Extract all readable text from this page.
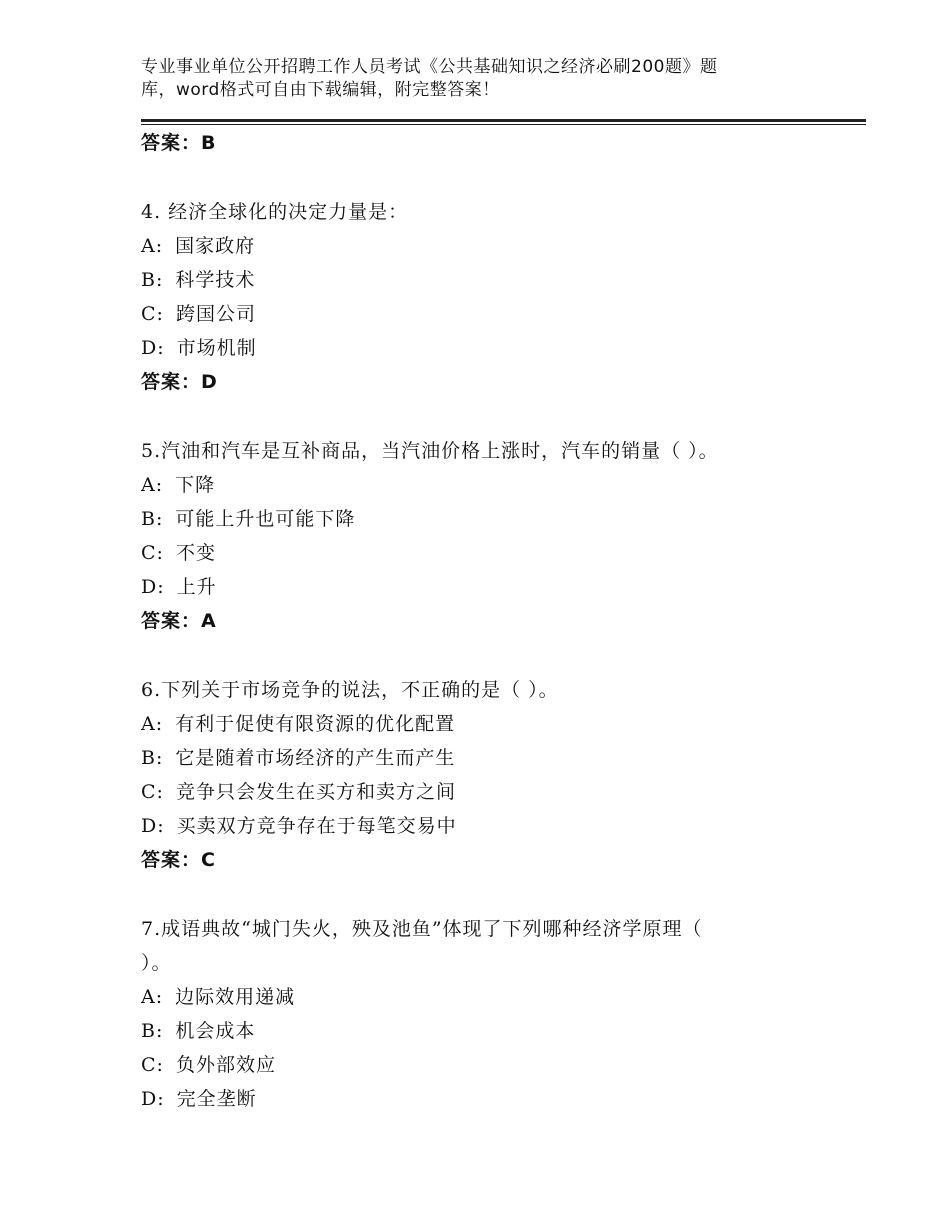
专业事业单位公开招聘工作人员考试《公共基础知识之经济必刷200题》题
库，word格式可自由下载编辑，附完整答案！
答案：B
4. 经济全球化的决定力量是：
A: 国家政府
B: 科学技术
C: 跨国公司
D: 市场机制
答案：D
5.汽油和汽车是互补商品，当汽油价格上涨时，汽车的销量（ ）。
A: 下降
B: 可能上升也可能下降
C: 不变
D: 上升
答案：A
6.下列关于市场竞争的说法，不正确的是（ ）。
A: 有利于促使有限资源的优化配置
B: 它是随着市场经济的产生而产生
C: 竞争只会发生在买方和卖方之间
D: 买卖双方竞争存在于每笔交易中
答案：C
7.成语典故“城门失火，殃及池鱼”体现了下列哪种经济学原理（
）。
A: 边际效用递减
B: 机会成本
C: 负外部效应
D: 完全垄断
